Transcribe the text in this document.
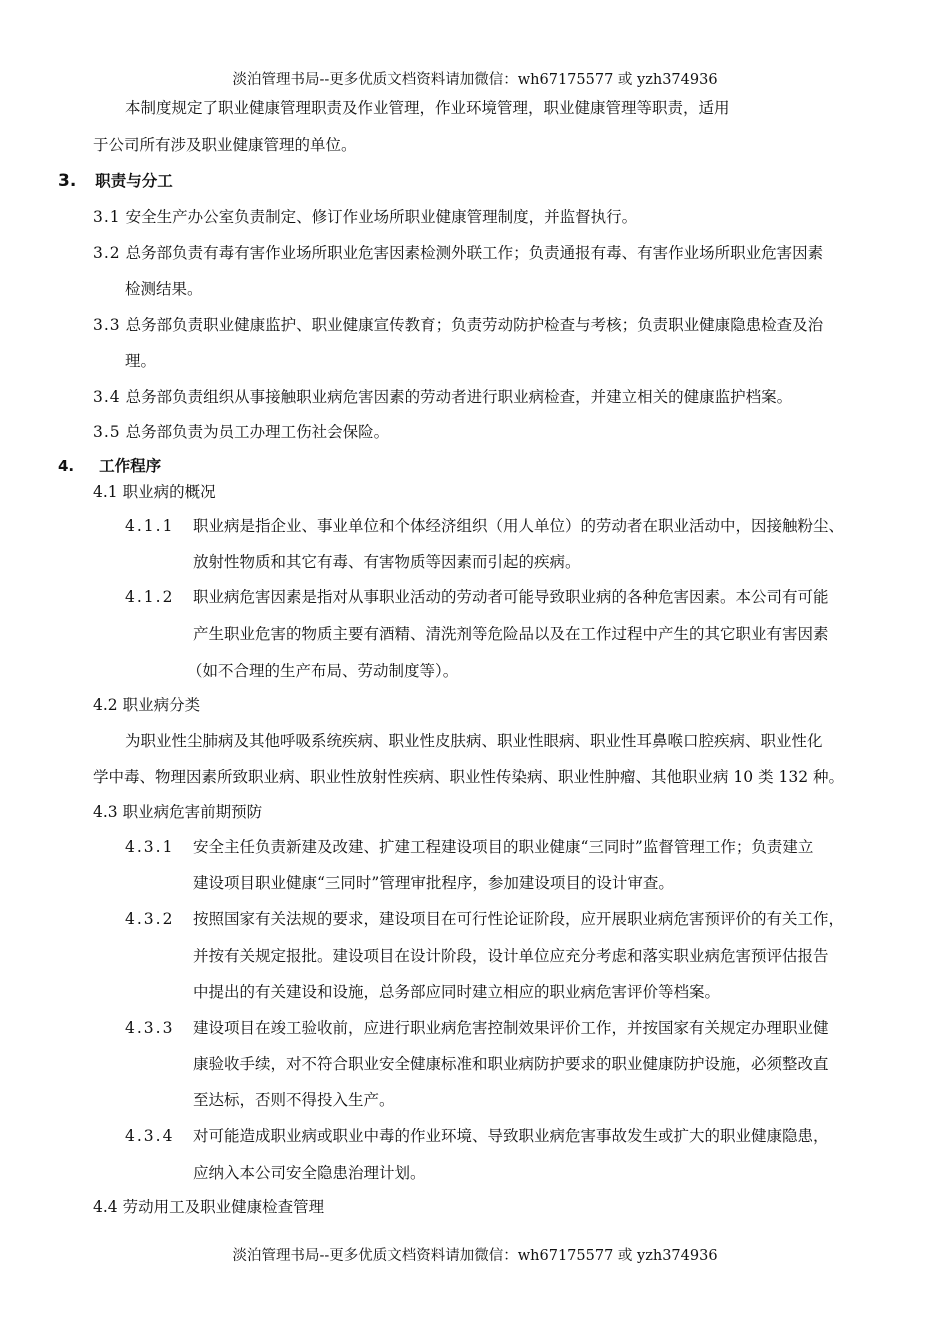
淡泊管理书局--更多优质文档资料请加微信：wh67175577 或 yzh374936
本制度规定了职业健康管理职责及作业管理，作业环境管理，职业健康管理等职责，适用
于公司所有涉及职业健康管理的单位。
3. 职责与分工
3.1 安全生产办公室负责制定、修订作业场所职业健康管理制度，并监督执行。
3.2 总务部负责有毒有害作业场所职业危害因素检测外联工作；负责通报有毒、有害作业场所职业危害因素
检测结果。
3.3 总务部负责职业健康监护、职业健康宣传教育；负责劳动防护检查与考核；负责职业健康隐患检查及治
理。
3.4 总务部负责组织从事接触职业病危害因素的劳动者进行职业病检查，并建立相关的健康监护档案。
3.5 总务部负责为员工办理工伤社会保险。
4. 工作程序
4.1 职业病的概况
4.1.1 职业病是指企业、事业单位和个体经济组织（用人单位）的劳动者在职业活动中，因接触粉尘、
放射性物质和其它有毒、有害物质等因素而引起的疾病。
4.1.2 职业病危害因素是指对从事职业活动的劳动者可能导致职业病的各种危害因素。本公司有可能
产生职业危害的物质主要有酒精、清洗剂等危险品以及在工作过程中产生的其它职业有害因素
（如不合理的生产布局、劳动制度等）。
4.2 职业病分类
为职业性尘肺病及其他呼吸系统疾病、职业性皮肤病、职业性眼病、职业性耳鼻喉口腔疾病、职业性化
学中毒、物理因素所致职业病、职业性放射性疾病、职业性传染病、职业性肿瘤、其他职业病 10 类 132 种。
4.3 职业病危害前期预防
4.3.1 安全主任负责新建及改建、扩建工程建设项目的职业健康“三同时”监督管理工作；负责建立
建设项目职业健康“三同时”管理审批程序，参加建设项目的设计审查。
4.3.2 按照国家有关法规的要求，建设项目在可行性论证阶段，应开展职业病危害预评价的有关工作，
并按有关规定报批。建设项目在设计阶段，设计单位应充分考虑和落实职业病危害预评估报告
中提出的有关建设和设施，总务部应同时建立相应的职业病危害评价等档案。
4.3.3 建设项目在竣工验收前，应进行职业病危害控制效果评价工作，并按国家有关规定办理职业健
康验收手续，对不符合职业安全健康标准和职业病防护要求的职业健康防护设施，必须整改直
至达标，否则不得投入生产。
4.3.4 对可能造成职业病或职业中毒的作业环境、导致职业病危害事故发生或扩大的职业健康隐患，
应纳入本公司安全隐患治理计划。
4.4 劳动用工及职业健康检查管理
淡泊管理书局--更多优质文档资料请加微信：wh67175577 或 yzh374936
